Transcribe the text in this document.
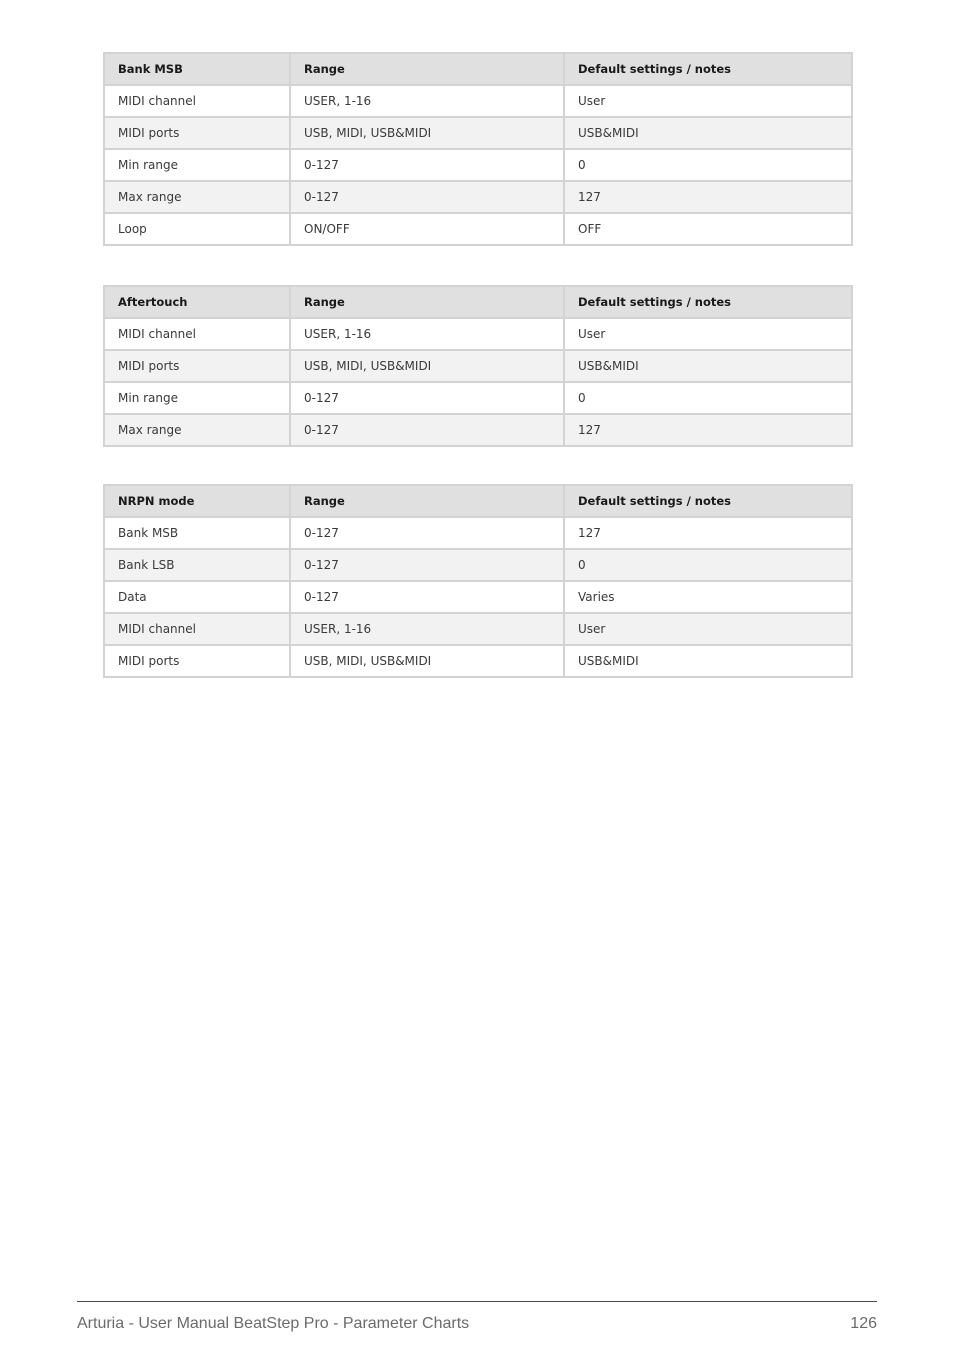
Bank MSB	Range	Default settings / notes
MIDI channel	USER, 1-16	User
MIDI ports	USB, MIDI, USB&MIDI	USB&MIDI
Min range	0-127	0
Max range	0-127	127
Loop	ON/OFF	OFF
Aftertouch	Range	Default settings / notes
MIDI channel	USER, 1-16	User
MIDI ports	USB, MIDI, USB&MIDI	USB&MIDI
Min range	0-127	0
Max range	0-127	127
NRPN mode	Range	Default settings / notes
Bank MSB	0-127	127
Bank LSB	0-127	0
Data	0-127	Varies
MIDI channel	USER, 1-16	User
MIDI ports	USB, MIDI, USB&MIDI	USB&MIDI
Arturia - User Manual BeatStep Pro - Parameter Charts	126
